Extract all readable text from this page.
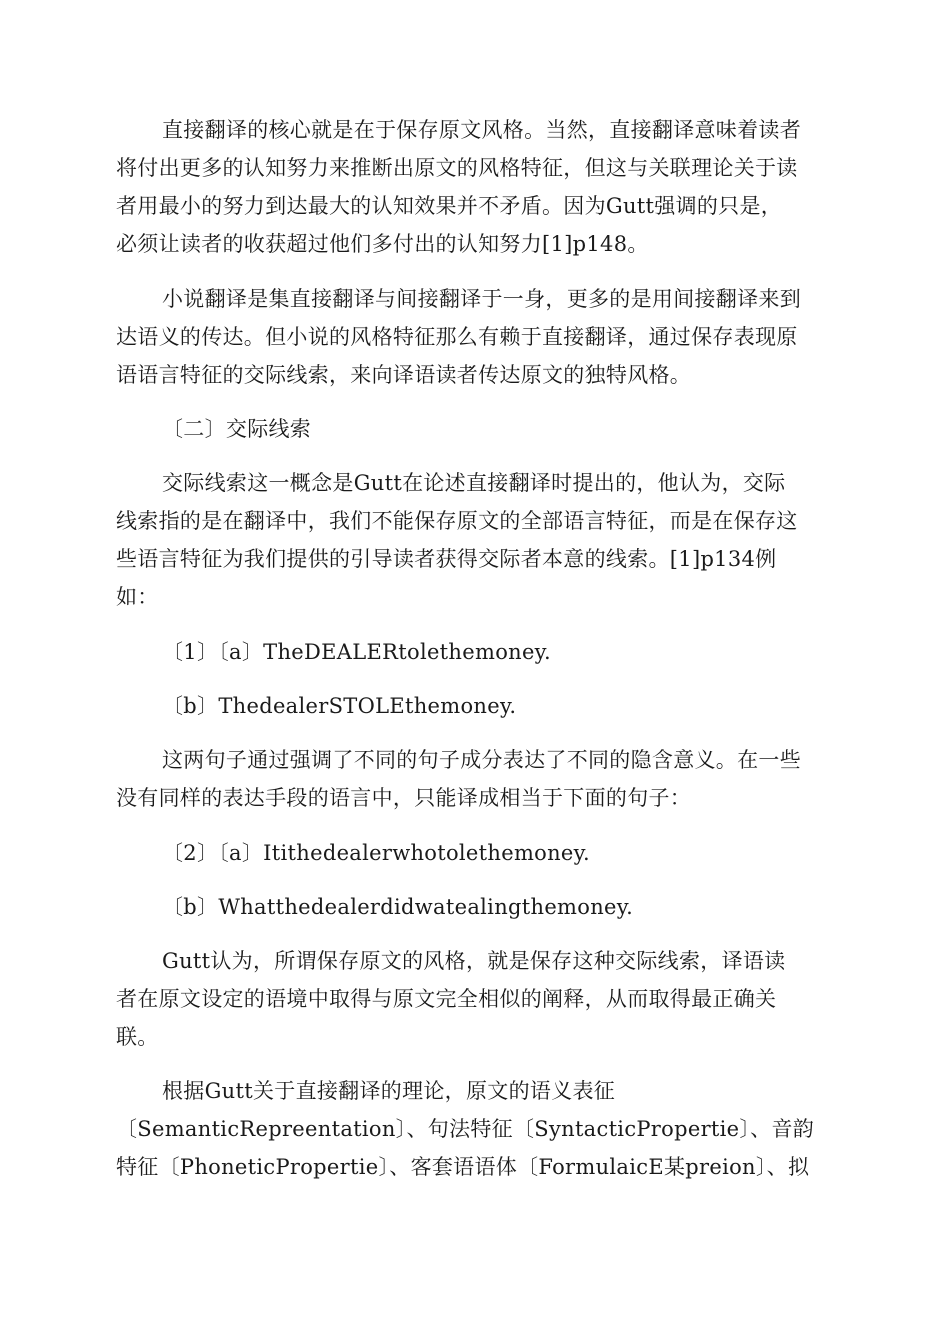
直接翻译的核心就是在于保存原文风格。当然，直接翻译意味着读者
将付出更多的认知努力来推断出原文的风格特征，但这与关联理论关于读
者用最小的努力到达最大的认知效果并不矛盾。因为Gutt强调的只是，
必须让读者的收获超过他们多付出的认知努力[1]p148。
小说翻译是集直接翻译与间接翻译于一身，更多的是用间接翻译来到
达语义的传达。但小说的风格特征那么有赖于直接翻译，通过保存表现原
语语言特征的交际线索，来向译语读者传达原文的独特风格。
〔二〕交际线索
交际线索这一概念是Gutt在论述直接翻译时提出的，他认为，交际
线索指的是在翻译中，我们不能保存原文的全部语言特征，而是在保存这
些语言特征为我们提供的引导读者获得交际者本意的线索。[1]p134例
如：
〔1〕〔a〕TheDEALERtolethemoney.
〔b〕ThedealerSTOLEthemoney.
这两句子通过强调了不同的句子成分表达了不同的隐含意义。在一些
没有同样的表达手段的语言中，只能译成相当于下面的句子：
〔2〕〔a〕Itithedealerwhotolethemoney.
〔b〕Whatthedealerdidwatealingthemoney.
Gutt认为，所谓保存原文的风格，就是保存这种交际线索，译语读
者在原文设定的语境中取得与原文完全相似的阐释，从而取得最正确关
联。
根据Gutt关于直接翻译的理论，原文的语义表征
〔SemanticRepreentation〕、句法特征〔SyntacticPropertie〕、音韵
特征〔PhoneticPropertie〕、客套语语体〔FormulaicE某preion〕、拟
